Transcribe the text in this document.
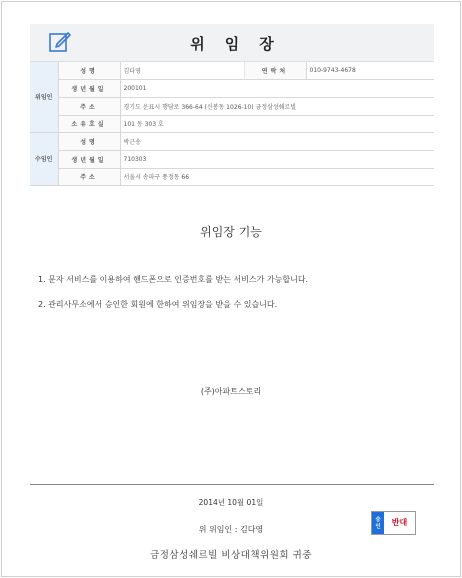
위임장
위임인	성명	김다영	연락처	010-9743-4678
	생년월일	200101		
	주소	경기도 운표시 행담로 366-64 (신봉동 1026-10) 금정삼성쉐르빌		
	소유호실	101 동 303 호		
수임인	성명	박근송		
	생년월일	710303		
	주소	서울시 송파구 풍정동 66		
위임장 기능
1. 문자 서비스를 이용하여 핸드폰으로 인증번호를 받는 서비스가 가능합니다.
2. 관리사무소에서 승인한 회원에 한하여 위임장을 받을 수 있습니다.
(주)아파트스토리
2014년 10월 01일
위 위임인 : 김다영
승
인	반대
금정삼성쉐르빌 비상대책위원회 귀중
